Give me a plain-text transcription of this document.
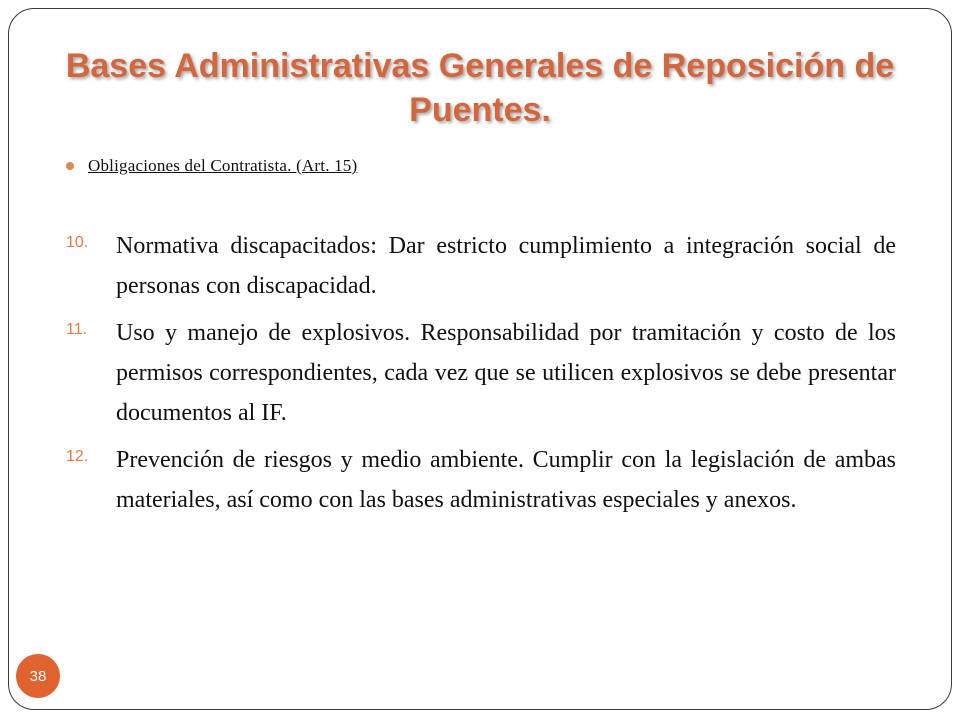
Bases Administrativas Generales de Reposición de Puentes.
Obligaciones del Contratista. (Art. 15)
10. Normativa discapacitados: Dar estricto cumplimiento a integración social de personas con discapacidad.
11. Uso y manejo de explosivos. Responsabilidad por tramitación y costo de los permisos correspondientes, cada vez que se utilicen explosivos se debe presentar documentos al IF.
12. Prevención de riesgos y medio ambiente. Cumplir con la legislación de ambas materiales, así como con las bases administrativas especiales y anexos.
38
